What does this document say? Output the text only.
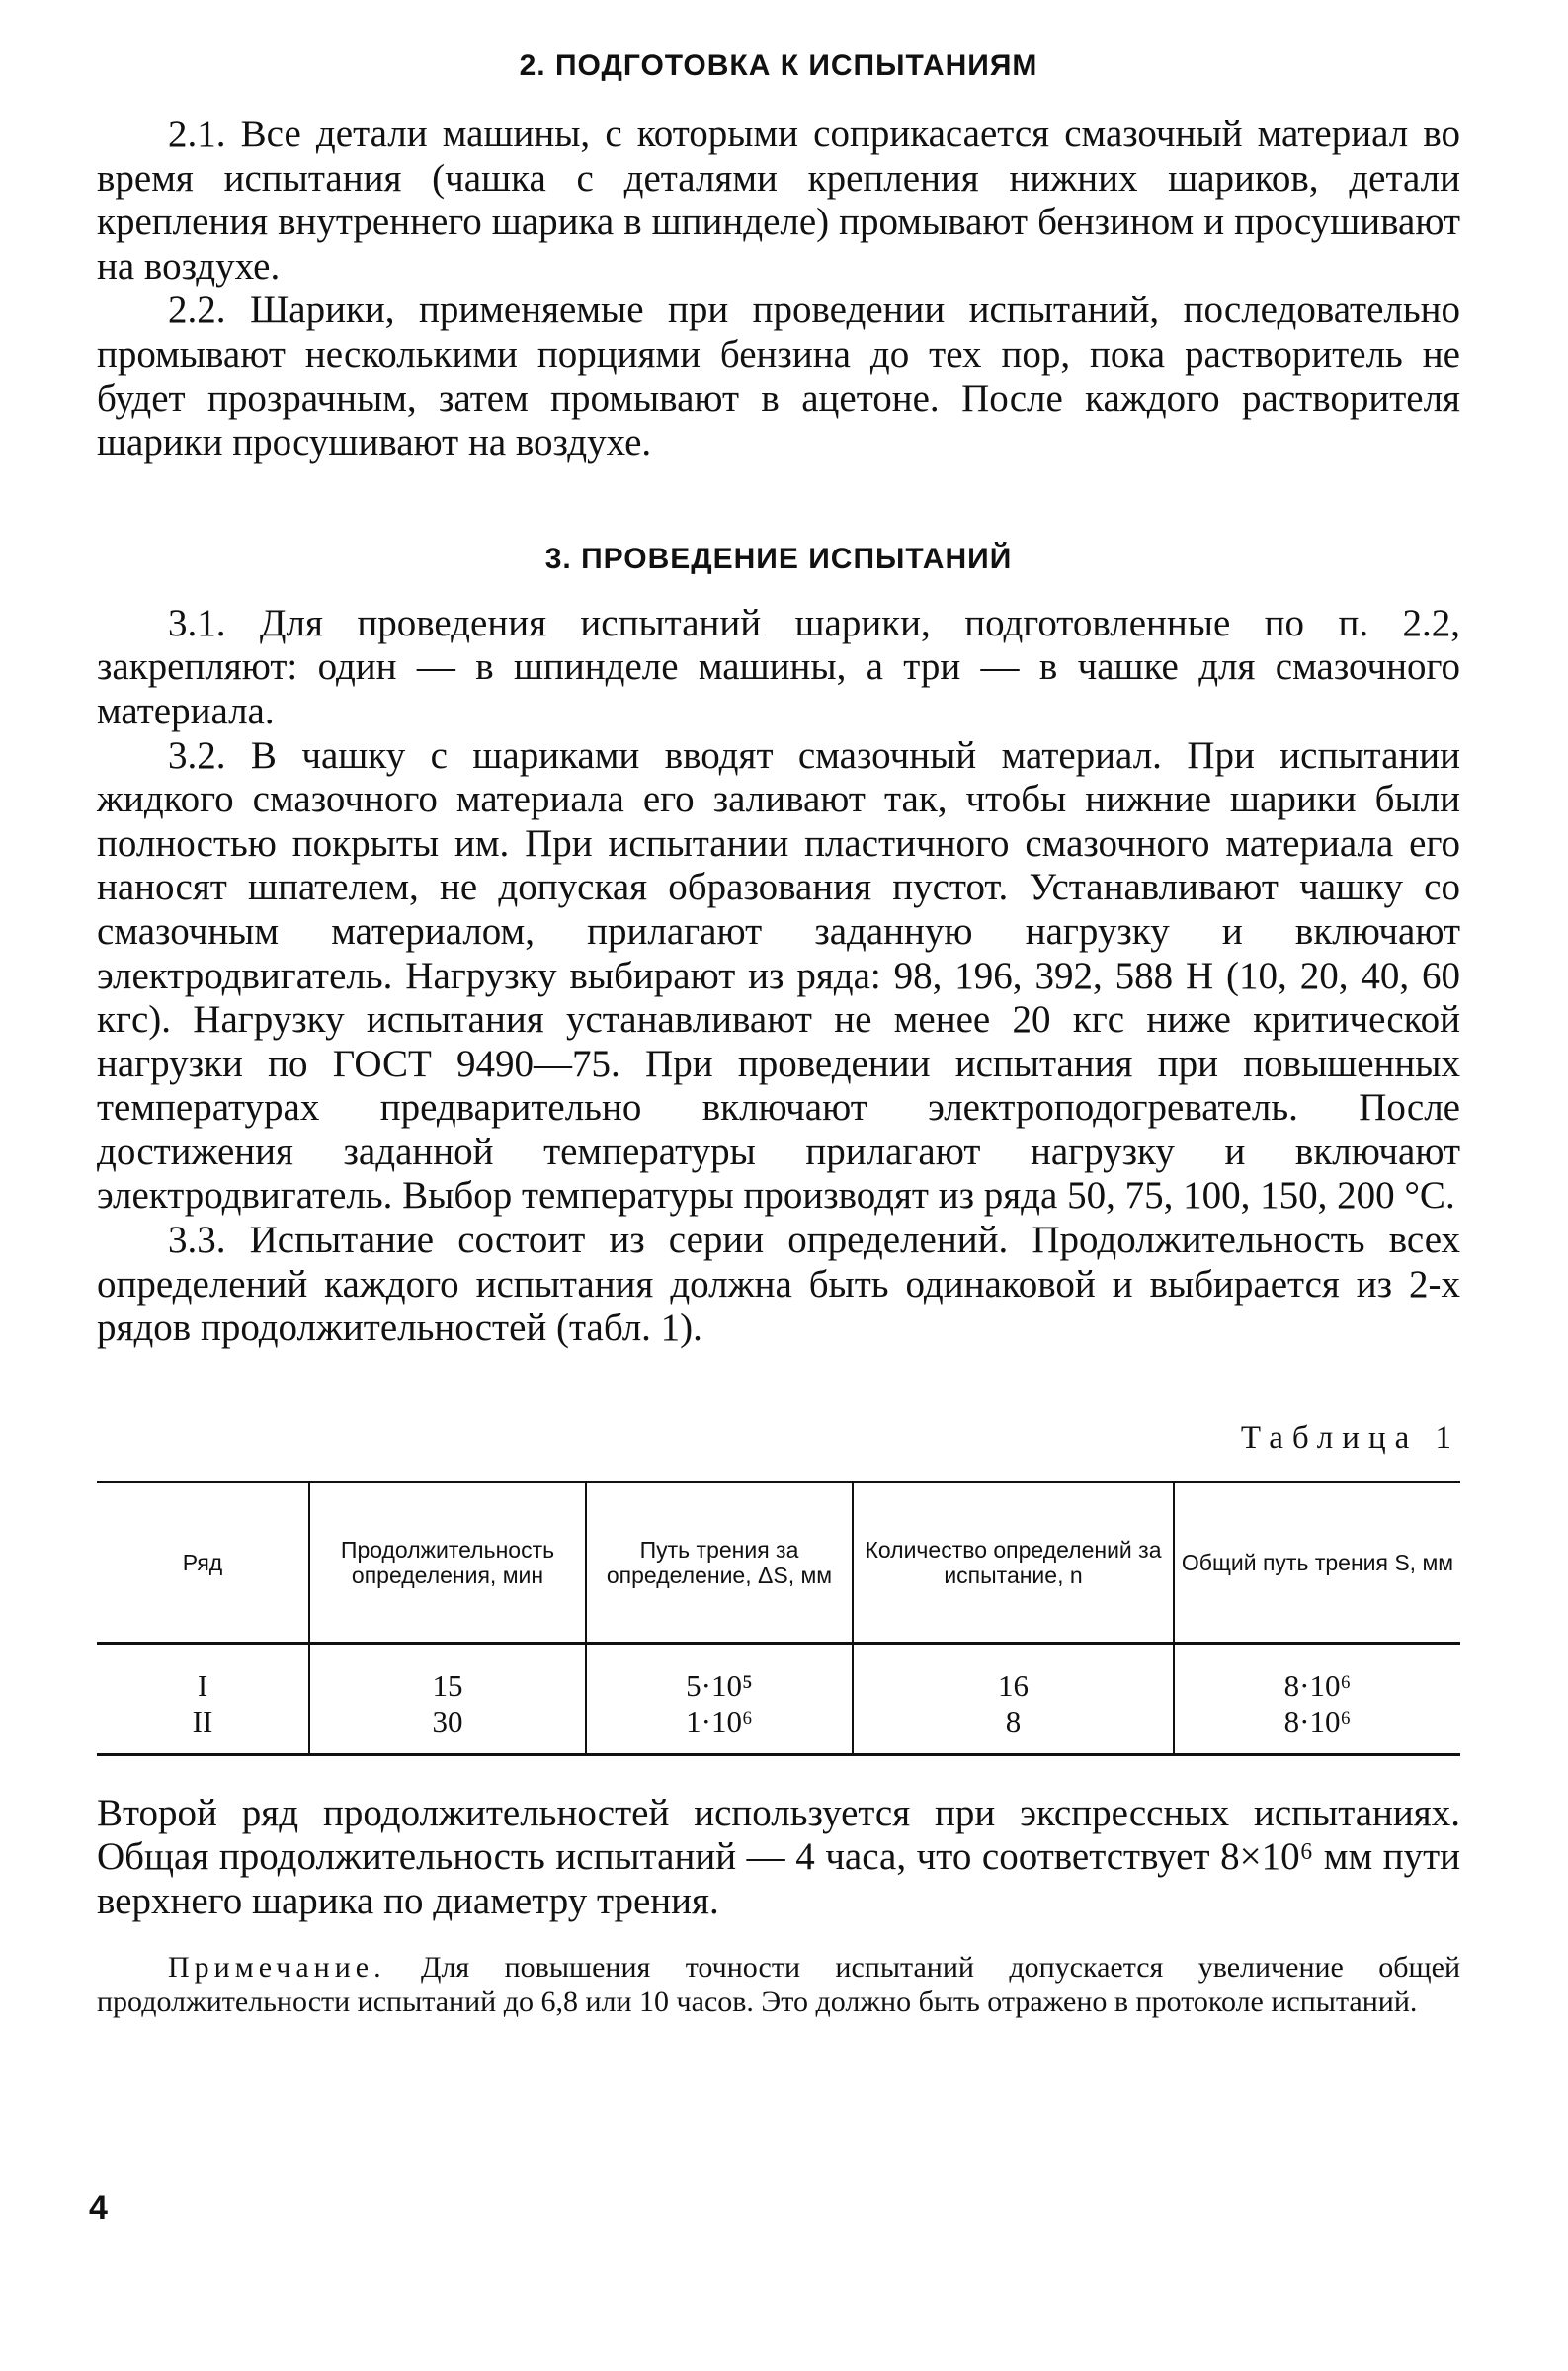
2. ПОДГОТОВКА К ИСПЫТАНИЯМ

2.1. Все детали машины, с которыми соприкасается смазочный материал во время испытания (чашка с деталями крепления нижних шариков, детали крепления внутреннего шарика в шпинделе) промывают бензином и просушивают на воздухе.

2.2. Шарики, применяемые при проведении испытаний, последовательно промывают несколькими порциями бензина до тех пор, пока растворитель не будет прозрачным, затем промывают в ацетоне. После каждого растворителя шарики просушивают на воздухе.

3. ПРОВЕДЕНИЕ ИСПЫТАНИЙ

3.1. Для проведения испытаний шарики, подготовленные по п. 2.2, закрепляют: один — в шпинделе машины, а три — в чашке для смазочного материала.

3.2. В чашку с шариками вводят смазочный материал. При испытании жидкого смазочного материала его заливают так, чтобы нижние шарики были полностью покрыты им. При испытании пластичного смазочного материала его наносят шпателем, не допуская образования пустот. Устанавливают чашку со смазочным материалом, прилагают заданную нагрузку и включают электродвигатель. Нагрузку выбирают из ряда: 98, 196, 392, 588 Н (10, 20, 40, 60 кгс). Нагрузку испытания устанавливают не менее 20 кгс ниже критической нагрузки по ГОСТ 9490—75. При проведении испытания при повышенных температурах предварительно включают электроподогреватель. После достижения заданной температуры прилагают нагрузку и включают электродвигатель. Выбор температуры производят из ряда 50, 75, 100, 150, 200 °С.

3.3. Испытание состоит из серии определений. Продолжительность всех определений каждого испытания должна быть одинаковой и выбирается из 2-х рядов продолжительностей (табл. 1).

Таблица 1
Ряд	Продолжительность определения, мин	Путь трения за определение, ΔS, мм	Количество определений за испытание, n	Общий путь трения S, мм
I	15	5·10⁵	16	8·10⁶
II	30	1·10⁶	8	8·10⁶

Второй ряд продолжительностей используется при экспрессных испытаниях. Общая продолжительность испытаний — 4 часа, что соответствует 8×10⁶ мм пути верхнего шарика по диаметру трения.

Примечание. Для повышения точности испытаний допускается увеличение общей продолжительности испытаний до 6,8 или 10 часов. Это должно быть отражено в протоколе испытаний.

4
